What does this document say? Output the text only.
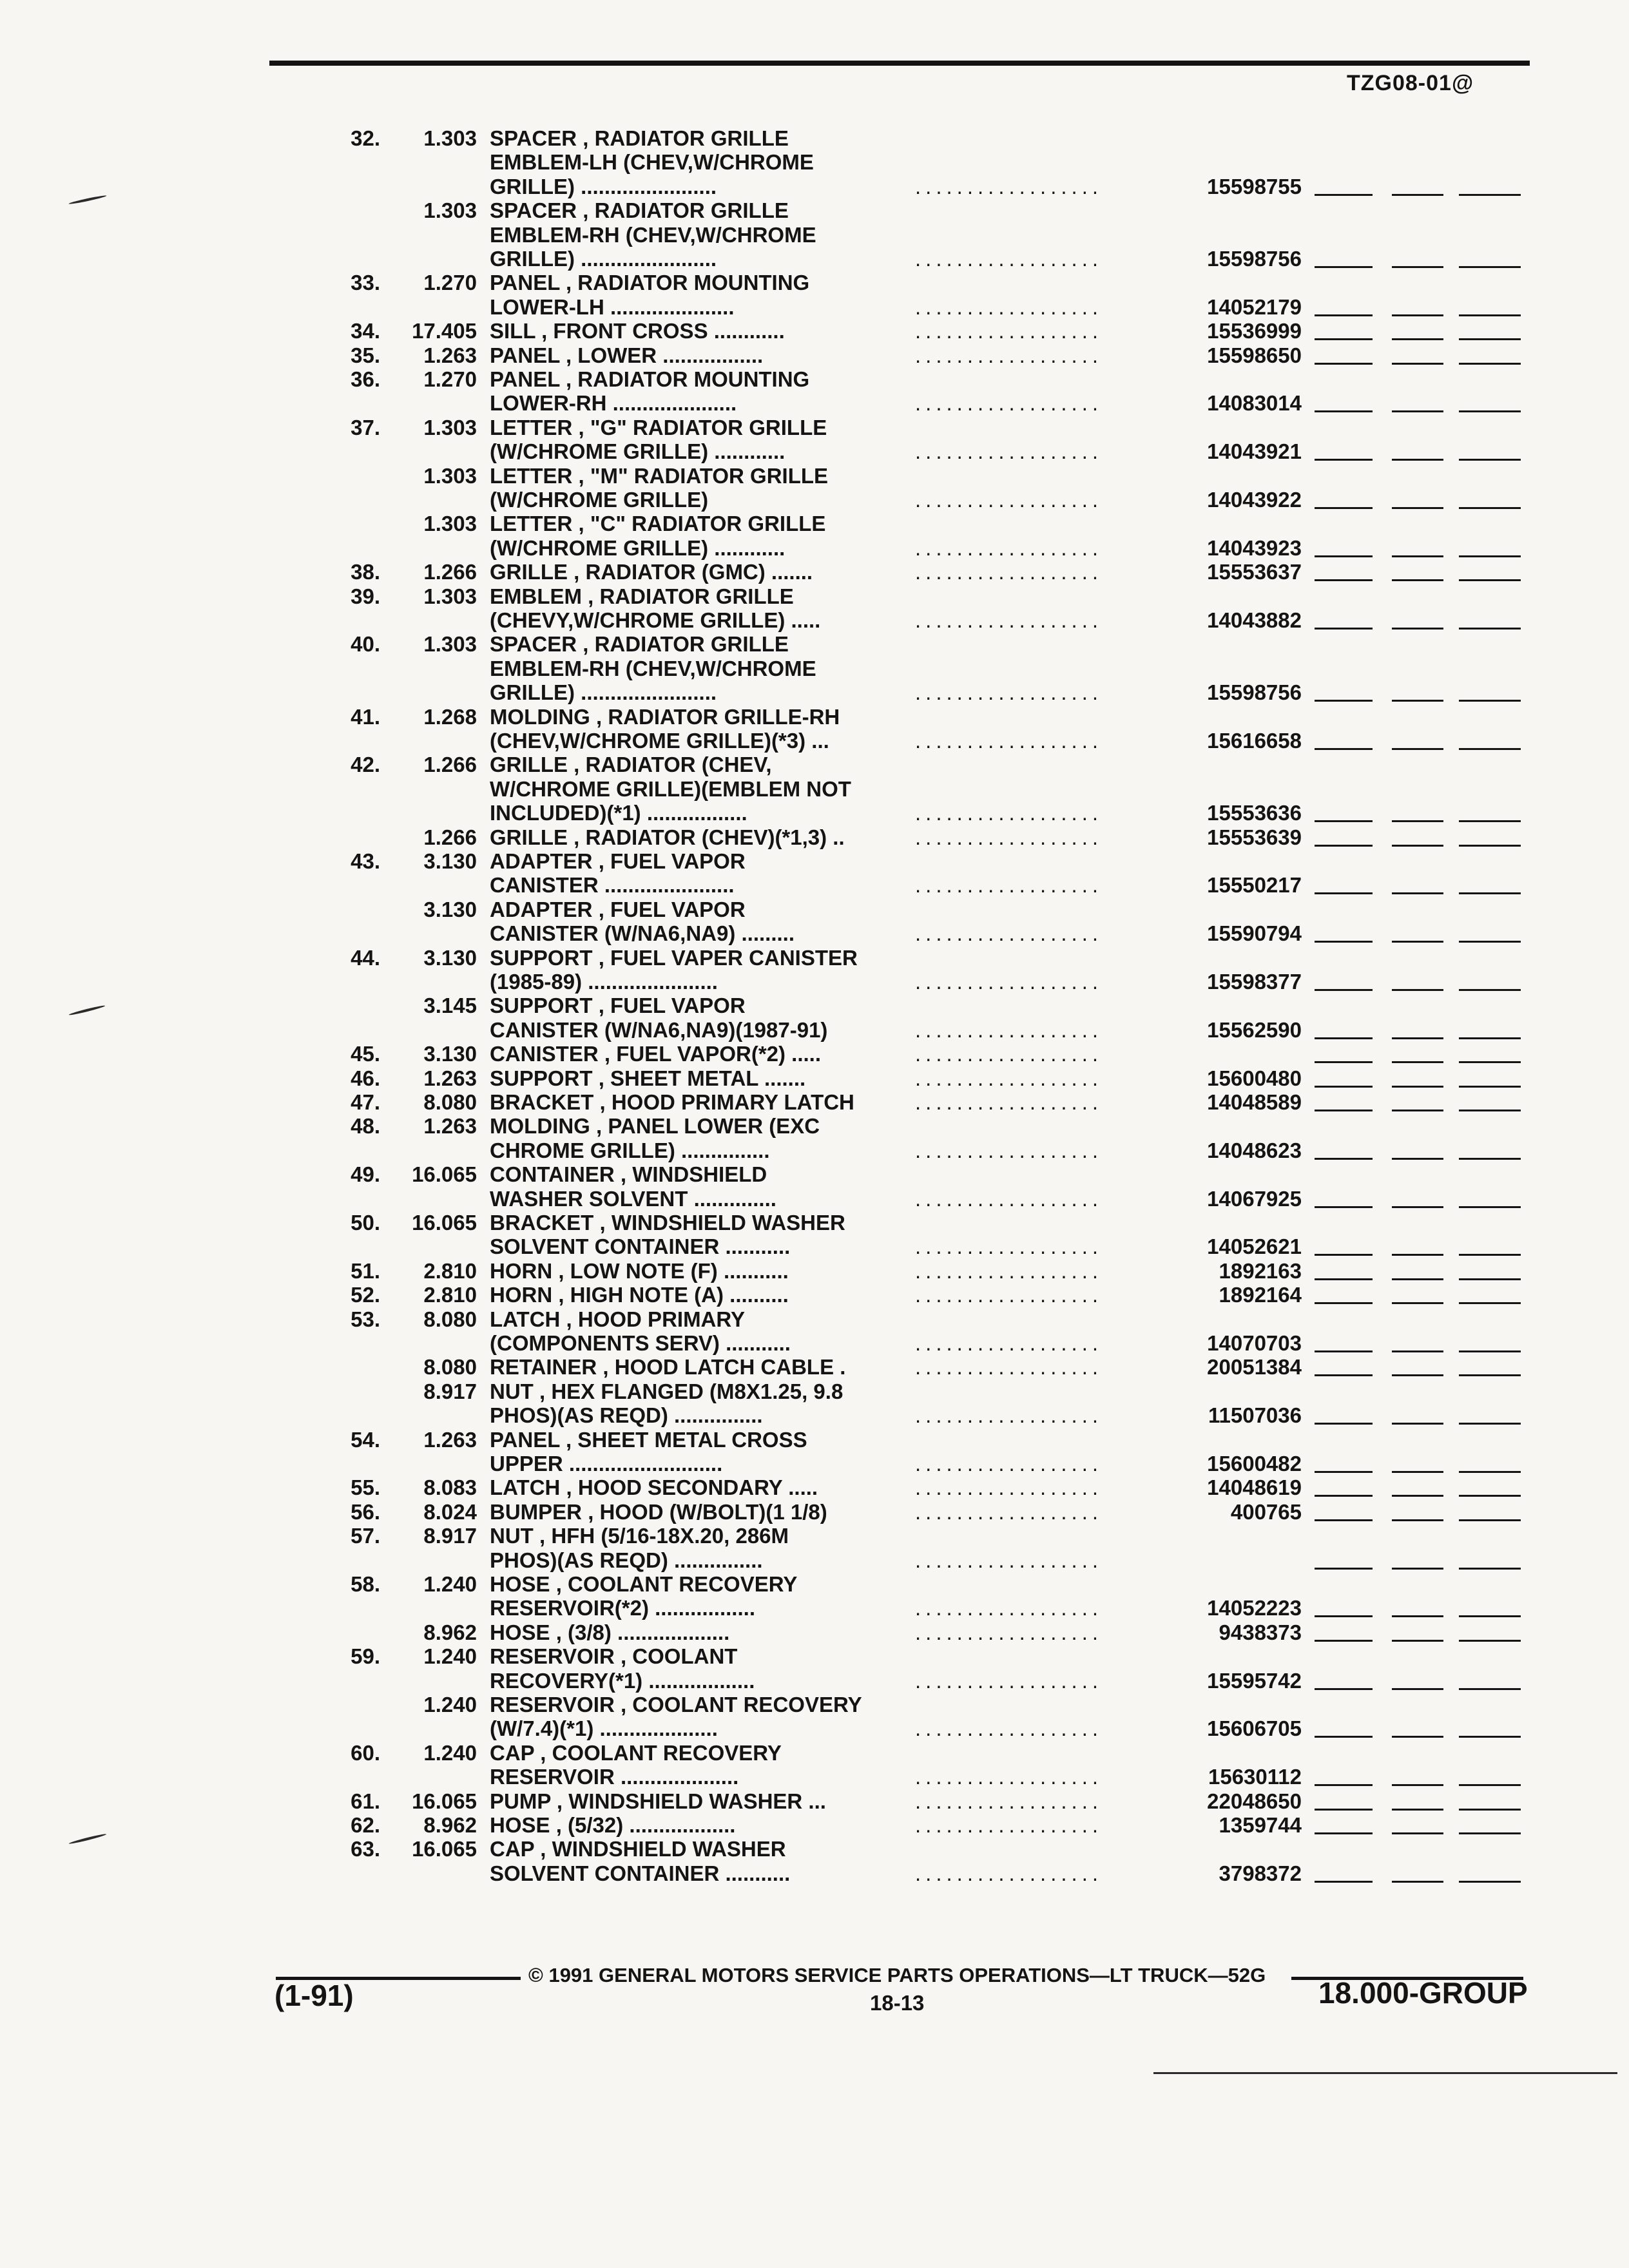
TZG08-01@
32.	1.303 SPACER , RADIATOR GRILLE
EMBLEM-LH (CHEV,W/CHROME
GRILLE) .......................	..................	15598755
1.303 SPACER , RADIATOR GRILLE
EMBLEM-RH (CHEV,W/CHROME
GRILLE) .......................	..................	15598756
33.	1.270 PANEL , RADIATOR MOUNTING
LOWER-LH .....................	..................	14052179
34.	17.405 SILL , FRONT CROSS ............	..................	15536999
35.	1.263 PANEL , LOWER .................	..................	15598650
36.	1.270 PANEL , RADIATOR MOUNTING
LOWER-RH .....................	..................	14083014
37.	1.303 LETTER , "G" RADIATOR GRILLE
(W/CHROME GRILLE) ............	..................	14043921
1.303 LETTER , "M" RADIATOR GRILLE
(W/CHROME GRILLE)	..................	14043922
1.303 LETTER , "C" RADIATOR GRILLE
(W/CHROME GRILLE) ............	..................	14043923
38.	1.266 GRILLE , RADIATOR (GMC) .......	..................	15553637
39.	1.303 EMBLEM , RADIATOR GRILLE
(CHEVY,W/CHROME GRILLE) .....	..................	14043882
40.	1.303 SPACER , RADIATOR GRILLE
EMBLEM-RH (CHEV,W/CHROME
GRILLE) .......................	..................	15598756
41.	1.268 MOLDING , RADIATOR GRILLE-RH
(CHEV,W/CHROME GRILLE)(*3) ...	..................	15616658
42.	1.266 GRILLE , RADIATOR (CHEV,
W/CHROME GRILLE)(EMBLEM NOT
INCLUDED)(*1) .................	..................	15553636
1.266 GRILLE , RADIATOR (CHEV)(*1,3) ..	..................	15553639
43.	3.130 ADAPTER , FUEL VAPOR
CANISTER ......................	..................	15550217
3.130 ADAPTER , FUEL VAPOR
CANISTER (W/NA6,NA9) .........	..................	15590794
44.	3.130 SUPPORT , FUEL VAPER CANISTER
(1985-89) ......................	..................	15598377
3.145 SUPPORT , FUEL VAPOR
CANISTER (W/NA6,NA9)(1987-91)	..................	15562590
45.	3.130 CANISTER , FUEL VAPOR(*2) .....	..................
46.	1.263 SUPPORT , SHEET METAL .......	..................	15600480
47.	8.080 BRACKET , HOOD PRIMARY LATCH	..................	14048589
48.	1.263 MOLDING , PANEL LOWER (EXC
CHROME GRILLE) ...............	..................	14048623
49.	16.065 CONTAINER , WINDSHIELD
WASHER SOLVENT ..............	..................	14067925
50.	16.065 BRACKET , WINDSHIELD WASHER
SOLVENT CONTAINER ...........	..................	14052621
51.	2.810 HORN , LOW NOTE (F) ...........	..................	1892163
52.	2.810 HORN , HIGH NOTE (A) ..........	..................	1892164
53.	8.080 LATCH , HOOD PRIMARY
(COMPONENTS SERV) ...........	..................	14070703
8.080 RETAINER , HOOD LATCH CABLE .	..................	20051384
8.917 NUT , HEX FLANGED (M8X1.25, 9.8
PHOS)(AS REQD) ...............	..................	11507036
54.	1.263 PANEL , SHEET METAL CROSS
UPPER ..........................	..................	15600482
55.	8.083 LATCH , HOOD SECONDARY .....	..................	14048619
56.	8.024 BUMPER , HOOD (W/BOLT)(1 1/8)	..................	400765
57.	8.917 NUT , HFH (5/16-18X.20, 286M
PHOS)(AS REQD) ...............	..................
58.	1.240 HOSE , COOLANT RECOVERY
RESERVOIR(*2) .................	..................	14052223
8.962 HOSE , (3/8) ...................	..................	9438373
59.	1.240 RESERVOIR , COOLANT
RECOVERY(*1) ..................	..................	15595742
1.240 RESERVOIR , COOLANT RECOVERY
(W/7.4)(*1) ....................	..................	15606705
60.	1.240 CAP , COOLANT RECOVERY
RESERVOIR ....................	..................	15630112
61.	16.065 PUMP , WINDSHIELD WASHER ...	..................	22048650
62.	8.962 HOSE , (5/32) ..................	..................	1359744
63.	16.065 CAP , WINDSHIELD WASHER
SOLVENT CONTAINER ...........	..................	3798372
© 1991 GENERAL MOTORS SERVICE PARTS OPERATIONS—LT TRUCK—52G
(1-91)	18-13	18.000-GROUP
